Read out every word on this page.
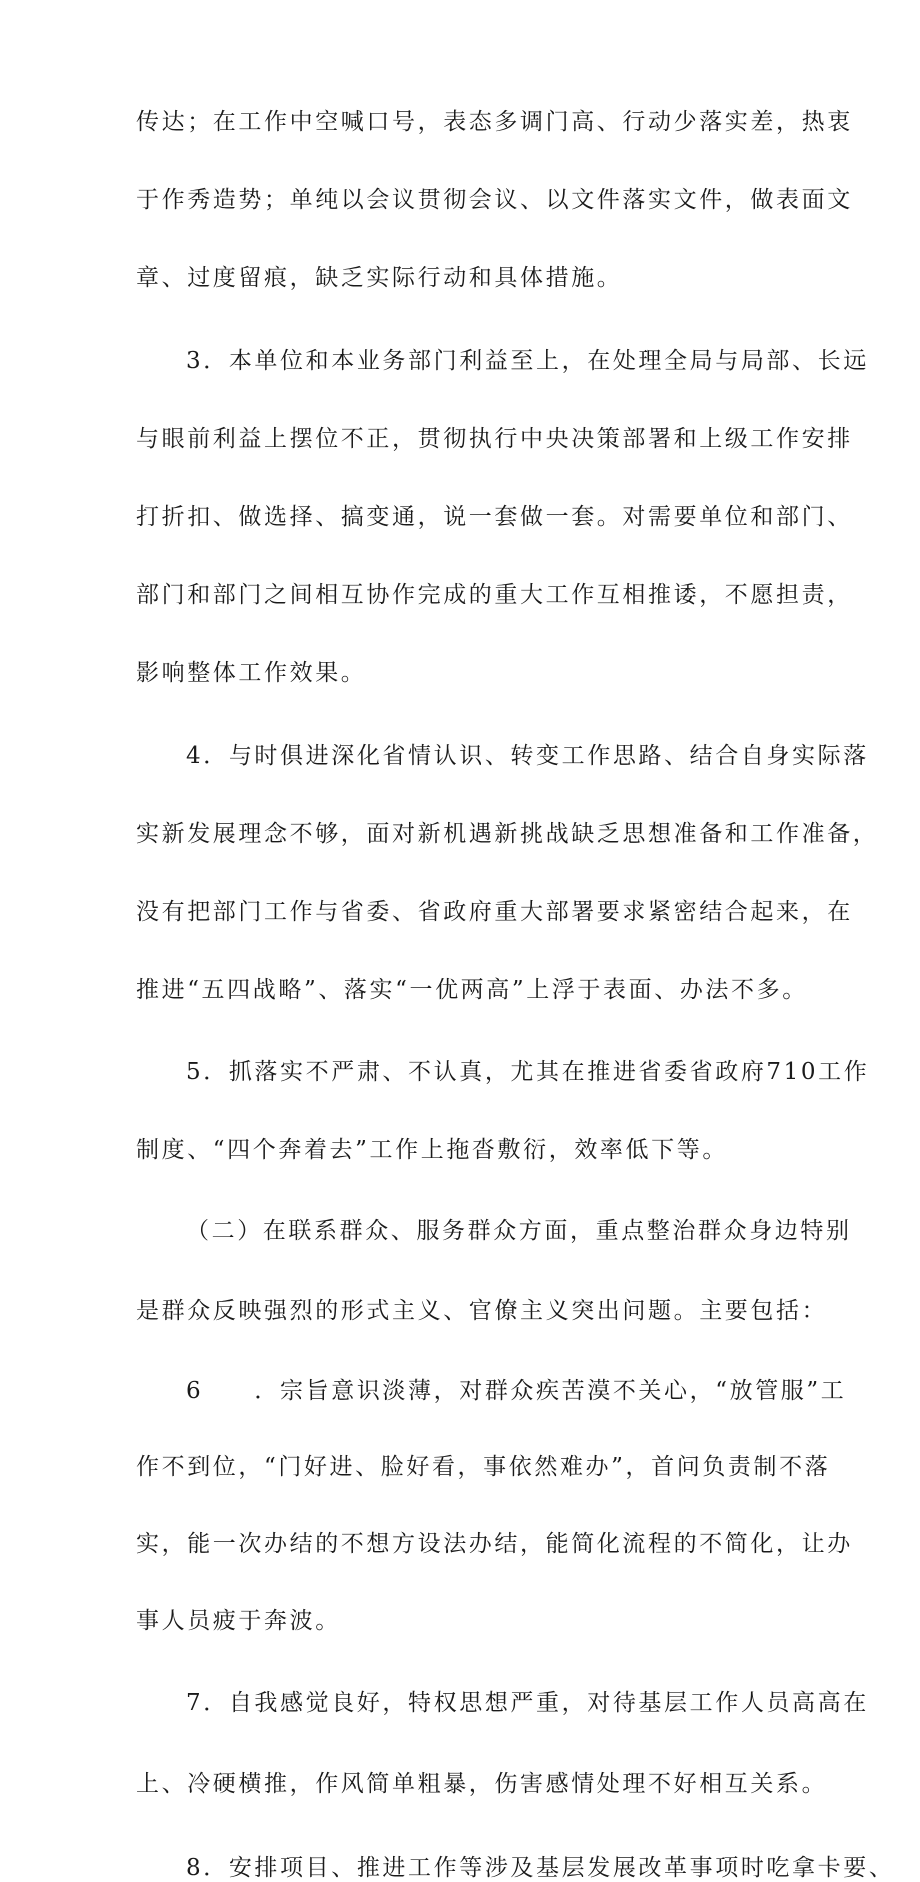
传达；在工作中空喊口号，表态多调门高、行动少落实差，热衷
于作秀造势；单纯以会议贯彻会议、以文件落实文件，做表面文
章、过度留痕，缺乏实际行动和具体措施。
3．本单位和本业务部门利益至上，在处理全局与局部、长远
与眼前利益上摆位不正，贯彻执行中央决策部署和上级工作安排
打折扣、做选择、搞变通，说一套做一套。对需要单位和部门、
部门和部门之间相互协作完成的重大工作互相推诿，不愿担责，
影响整体工作效果。
4．与时俱进深化省情认识、转变工作思路、结合自身实际落
实新发展理念不够，面对新机遇新挑战缺乏思想准备和工作准备，
没有把部门工作与省委、省政府重大部署要求紧密结合起来，在
推进“五四战略”、落实“一优两高”上浮于表面、办法不多。
5．抓落实不严肃、不认真，尤其在推进省委省政府710工作
制度、“四个奔着去”工作上拖沓敷衍，效率低下等。
（二）在联系群众、服务群众方面，重点整治群众身边特别
是群众反映强烈的形式主义、官僚主义突出问题。主要包括：
6　　．宗旨意识淡薄，对群众疾苦漠不关心，“放管服”工
作不到位，“门好进、脸好看，事依然难办”，首问负责制不落
实，能一次办结的不想方设法办结，能简化流程的不简化，让办
事人员疲于奔波。
7．自我感觉良好，特权思想严重，对待基层工作人员高高在
上、冷硬横推，作风简单粗暴，伤害感情处理不好相互关系。
8．安排项目、推进工作等涉及基层发展改革事项时吃拿卡要、
